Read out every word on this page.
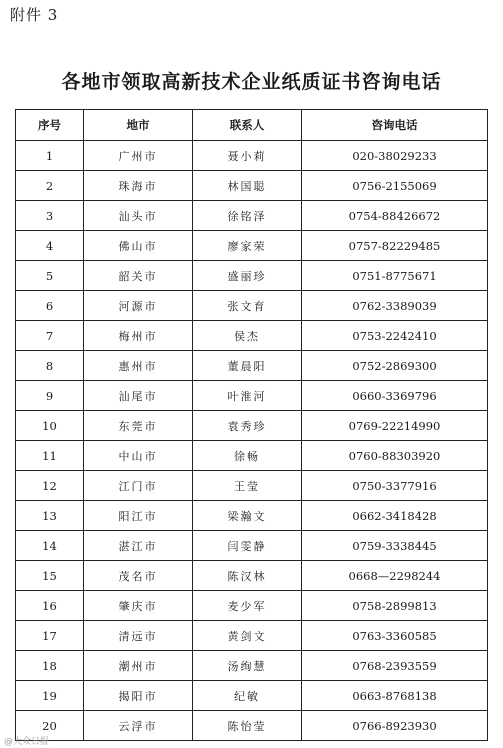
附件 3
各地市领取高新技术企业纸质证书咨询电话
序号	地市	联系人	咨询电话
1	广州市	聂小莉	020-38029233
2	珠海市	林国聪	0756-2155069
3	汕头市	徐铭泽	0754-88426672
4	佛山市	廖家荣	0757-82229485
5	韶关市	盛丽珍	0751-8775671
6	河源市	张文育	0762-3389039
7	梅州市	侯杰	0753-2242410
8	惠州市	董晨阳	0752-2869300
9	汕尾市	叶淮河	0660-3369796
10	东莞市	袁秀珍	0769-22214990
11	中山市	徐畅	0760-88303920
12	江门市	王莹	0750-3377916
13	阳江市	梁瀚文	0662-3418428
14	湛江市	闫雯静	0759-3338445
15	茂名市	陈汉林	0668—2298244
16	肇庆市	麦少军	0758-2899813
17	清远市	黄剑文	0763-3360585
18	潮州市	汤绚慧	0768-2393559
19	揭阳市	纪敏	0663-8768138
20	云浮市	陈怡莹	0766-8923930
@大众日报
